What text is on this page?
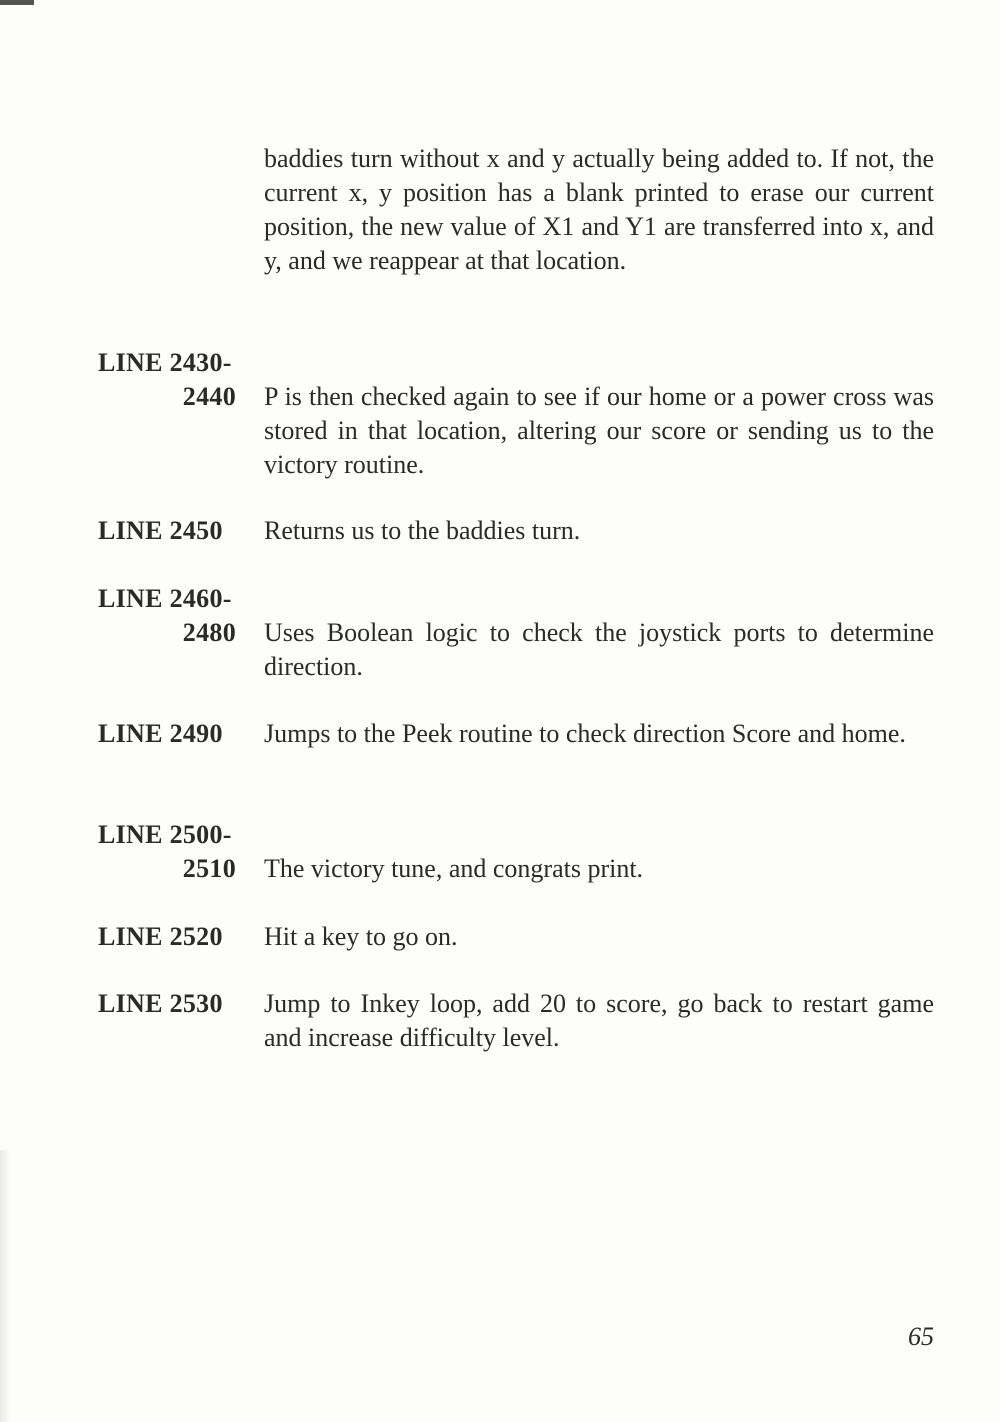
baddies turn without x and y actually being added to. If not, the current x, y position has a blank printed to erase our current position, the new value of X1 and Y1 are transferred into x, and y, and we reappear at that location.

LINE 2430-
2440 P is then checked again to see if our home or a power cross was stored in that location, altering our score or sending us to the victory routine.

LINE 2450	Returns us to the baddies turn.

LINE 2460-
2480 Uses Boolean logic to check the joystick ports to determine direction.

LINE 2490	Jumps to the Peek routine to check direction Score and home.

LINE 2500-
2510 The victory tune, and congrats print.

LINE 2520	Hit a key to go on.

LINE 2530	Jump to Inkey loop, add 20 to score, go back to restart game and increase difficulty level.

65
